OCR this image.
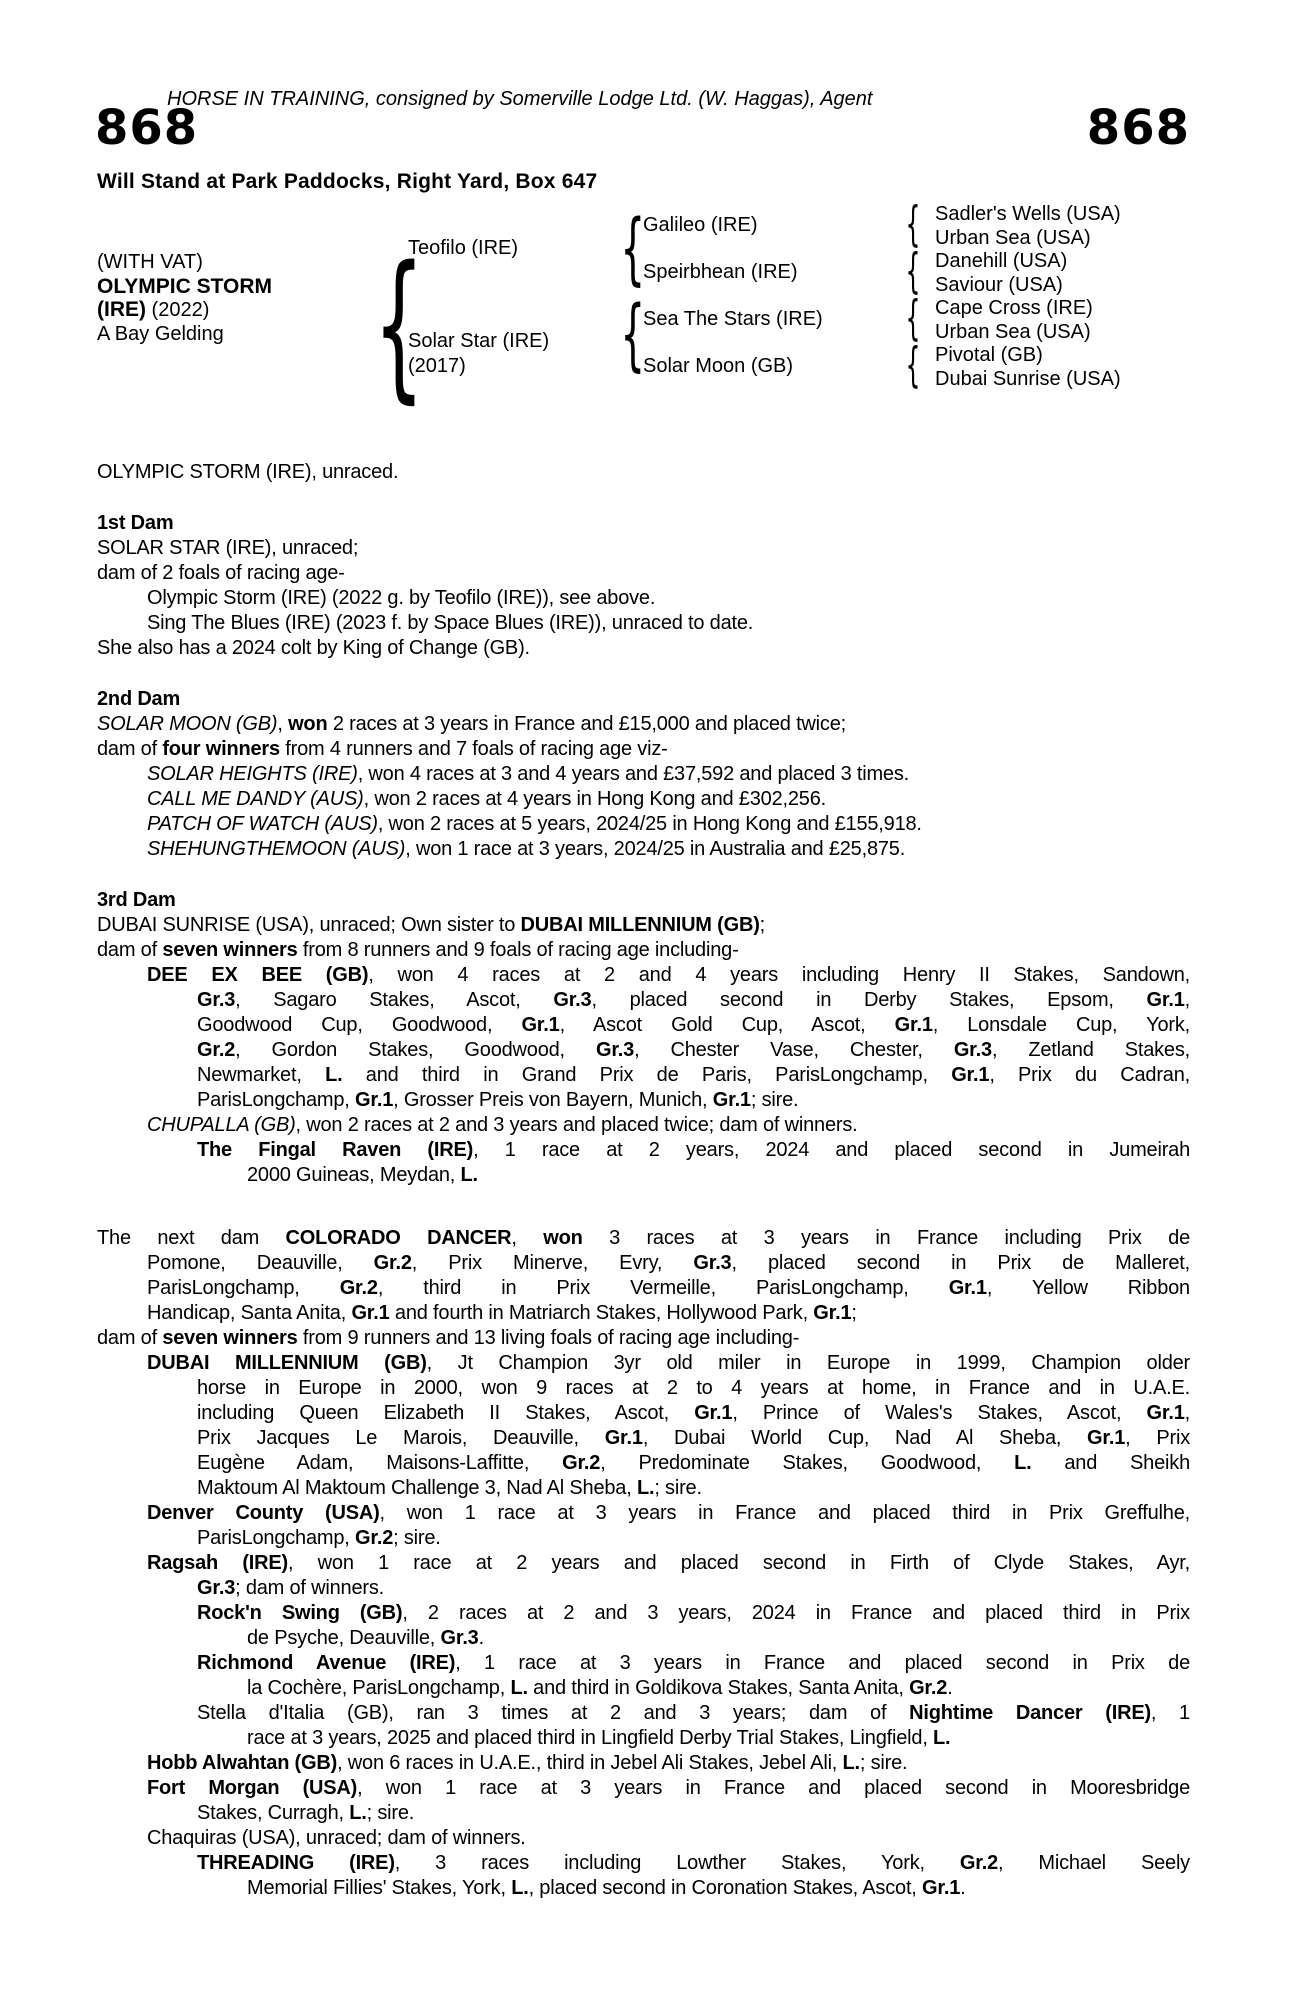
HORSE IN TRAINING, consigned by Somerville Lodge Ltd. (W. Haggas), Agent
868	868
Will Stand at Park Paddocks, Right Yard, Box 647
(WITH VAT)
OLYMPIC STORM
(IRE) (2022)
A Bay Gelding {
Teofilo (IRE)
Solar Star (IRE)
(2017)
{
{
Galileo (IRE)
Speirbhean (IRE)
Sea The Stars (IRE)
Solar Moon (GB)
{
{
{
{
Sadler's Wells (USA)
Urban Sea (USA)
Danehill (USA)
Saviour (USA)
Cape Cross (IRE)
Urban Sea (USA)
Pivotal (GB)
Dubai Sunrise (USA)
OLYMPIC STORM (IRE), unraced.
1st Dam
SOLAR STAR (IRE), unraced;
dam of 2 foals of racing age-
Olympic Storm (IRE) (2022 g. by Teofilo (IRE)), see above.
Sing The Blues (IRE) (2023 f. by Space Blues (IRE)), unraced to date.
She also has a 2024 colt by King of Change (GB).
2nd Dam
SOLAR MOON (GB), won 2 races at 3 years in France and £15,000 and placed twice;
dam of four winners from 4 runners and 7 foals of racing age viz-
SOLAR HEIGHTS (IRE), won 4 races at 3 and 4 years and £37,592 and placed 3 times.
CALL ME DANDY (AUS), won 2 races at 4 years in Hong Kong and £302,256.
PATCH OF WATCH (AUS), won 2 races at 5 years, 2024/25 in Hong Kong and £155,918.
SHEHUNGTHEMOON (AUS), won 1 race at 3 years, 2024/25 in Australia and £25,875.
3rd Dam
DUBAI SUNRISE (USA), unraced; Own sister to DUBAI MILLENNIUM (GB);
dam of seven winners from 8 runners and 9 foals of racing age including-
DEE EX BEE (GB), won 4 races at 2 and 4 years including Henry II Stakes, Sandown,
Gr.3, Sagaro Stakes, Ascot, Gr.3, placed second in Derby Stakes, Epsom, Gr.1,
Goodwood Cup, Goodwood, Gr.1, Ascot Gold Cup, Ascot, Gr.1, Lonsdale Cup, York,
Gr.2, Gordon Stakes, Goodwood, Gr.3, Chester Vase, Chester, Gr.3, Zetland Stakes,
Newmarket, L. and third in Grand Prix de Paris, ParisLongchamp, Gr.1, Prix du Cadran,
ParisLongchamp, Gr.1, Grosser Preis von Bayern, Munich, Gr.1; sire.
CHUPALLA (GB), won 2 races at 2 and 3 years and placed twice; dam of winners.
The Fingal Raven (IRE), 1 race at 2 years, 2024 and placed second in Jumeirah
2000 Guineas, Meydan, L.
The next dam COLORADO DANCER, won 3 races at 3 years in France including Prix de
Pomone, Deauville, Gr.2, Prix Minerve, Evry, Gr.3, placed second in Prix de Malleret,
ParisLongchamp, Gr.2, third in Prix Vermeille, ParisLongchamp, Gr.1, Yellow Ribbon
Handicap, Santa Anita, Gr.1 and fourth in Matriarch Stakes, Hollywood Park, Gr.1;
dam of seven winners from 9 runners and 13 living foals of racing age including-
DUBAI MILLENNIUM (GB), Jt Champion 3yr old miler in Europe in 1999, Champion older
horse in Europe in 2000, won 9 races at 2 to 4 years at home, in France and in U.A.E.
including Queen Elizabeth II Stakes, Ascot, Gr.1, Prince of Wales's Stakes, Ascot, Gr.1,
Prix Jacques Le Marois, Deauville, Gr.1, Dubai World Cup, Nad Al Sheba, Gr.1, Prix
Eugène Adam, Maisons-Laffitte, Gr.2, Predominate Stakes, Goodwood, L. and Sheikh
Maktoum Al Maktoum Challenge 3, Nad Al Sheba, L.; sire.
Denver County (USA), won 1 race at 3 years in France and placed third in Prix Greffulhe,
ParisLongchamp, Gr.2; sire.
Ragsah (IRE), won 1 race at 2 years and placed second in Firth of Clyde Stakes, Ayr,
Gr.3; dam of winners.
Rock'n Swing (GB), 2 races at 2 and 3 years, 2024 in France and placed third in Prix
de Psyche, Deauville, Gr.3.
Richmond Avenue (IRE), 1 race at 3 years in France and placed second in Prix de
la Cochère, ParisLongchamp, L. and third in Goldikova Stakes, Santa Anita, Gr.2.
Stella d'Italia (GB), ran 3 times at 2 and 3 years; dam of Nightime Dancer (IRE), 1
race at 3 years, 2025 and placed third in Lingfield Derby Trial Stakes, Lingfield, L.
Hobb Alwahtan (GB), won 6 races in U.A.E., third in Jebel Ali Stakes, Jebel Ali, L.; sire.
Fort Morgan (USA), won 1 race at 3 years in France and placed second in Mooresbridge
Stakes, Curragh, L.; sire.
Chaquiras (USA), unraced; dam of winners.
THREADING (IRE), 3 races including Lowther Stakes, York, Gr.2, Michael Seely
Memorial Fillies' Stakes, York, L., placed second in Coronation Stakes, Ascot, Gr.1.
